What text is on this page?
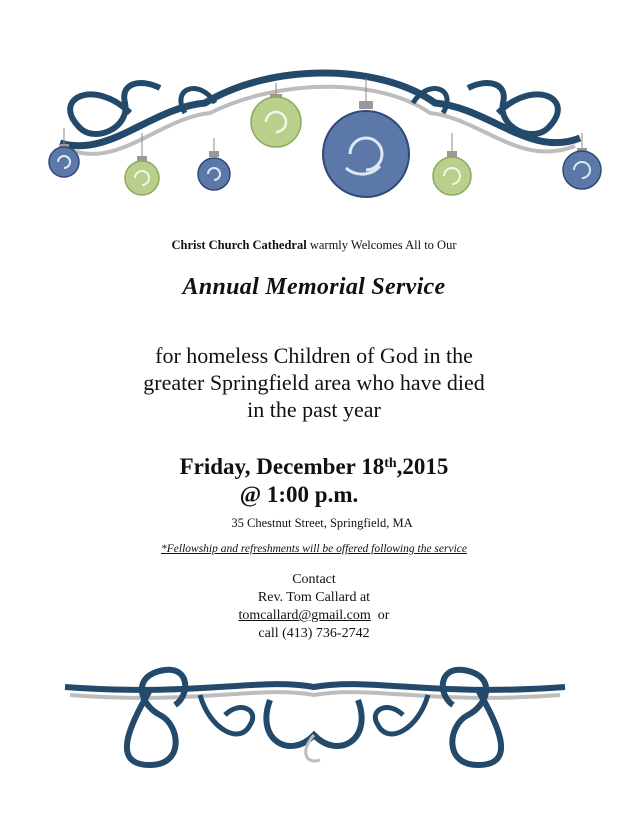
Christ Church Cathedral warmly Welcomes All to Our
Annual Memorial Service
for homeless Children of God in the
greater Springfield area who have died
in the past year
Friday, December 18th,2015
@ 1:00 p.m.
35 Chestnut Street, Springfield, MA
*Fellowship and refreshments will be offered following the service
Contact
Rev. Tom Callard at
tomcallard@gmail.com or
call (413) 736-2742
